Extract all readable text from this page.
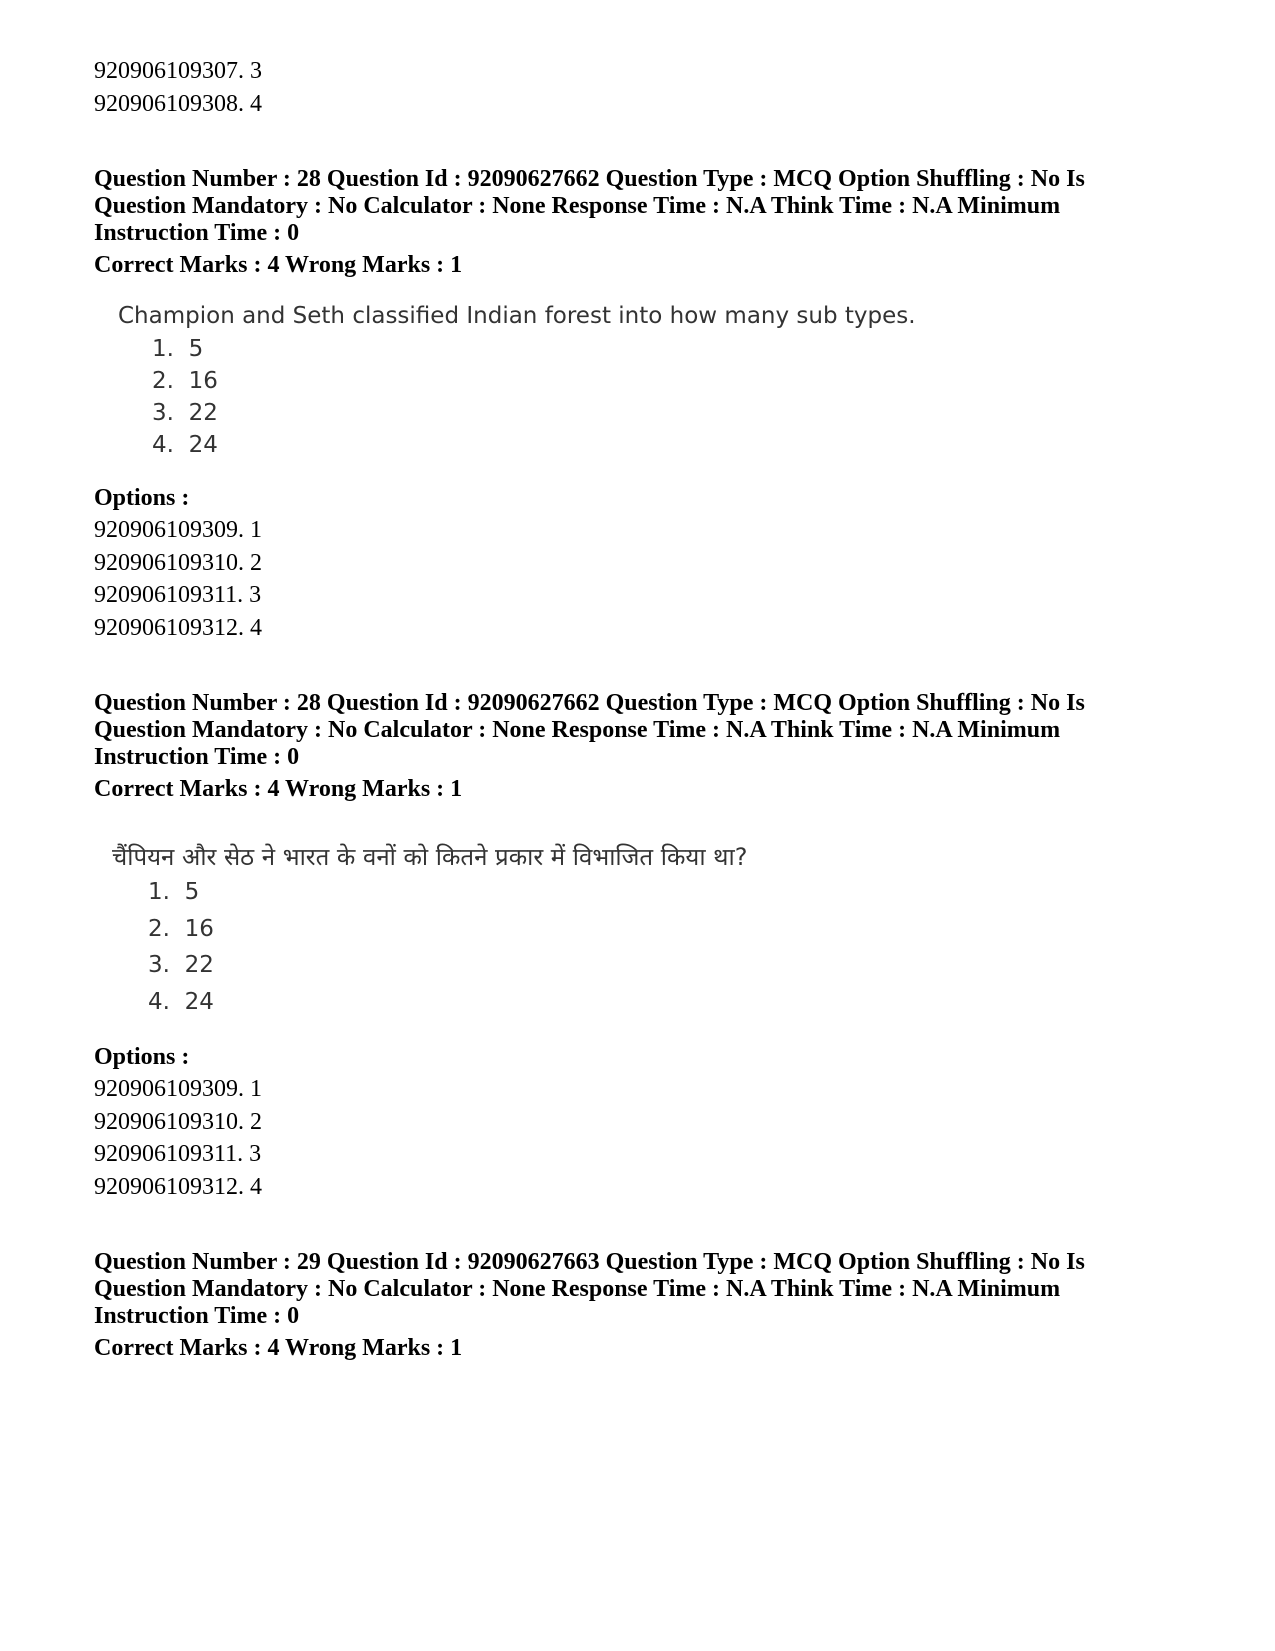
920906109307. 3
920906109308. 4
Question Number : 28 Question Id : 92090627662 Question Type : MCQ Option Shuffling : No Is
Question Mandatory : No Calculator : None Response Time : N.A Think Time : N.A Minimum
Instruction Time : 0
Correct Marks : 4 Wrong Marks : 1
Champion and Seth classified Indian forest into how many sub types.
1. 5
2. 16
3. 22
4. 24
Options :
920906109309. 1
920906109310. 2
920906109311. 3
920906109312. 4
Question Number : 28 Question Id : 92090627662 Question Type : MCQ Option Shuffling : No Is
Question Mandatory : No Calculator : None Response Time : N.A Think Time : N.A Minimum
Instruction Time : 0
Correct Marks : 4 Wrong Marks : 1
चैंपियन और सेठ ने भारत के वनों को कितने प्रकार में विभाजित किया था?
1. 5
2. 16
3. 22
4. 24
Options :
920906109309. 1
920906109310. 2
920906109311. 3
920906109312. 4
Question Number : 29 Question Id : 92090627663 Question Type : MCQ Option Shuffling : No Is
Question Mandatory : No Calculator : None Response Time : N.A Think Time : N.A Minimum
Instruction Time : 0
Correct Marks : 4 Wrong Marks : 1
